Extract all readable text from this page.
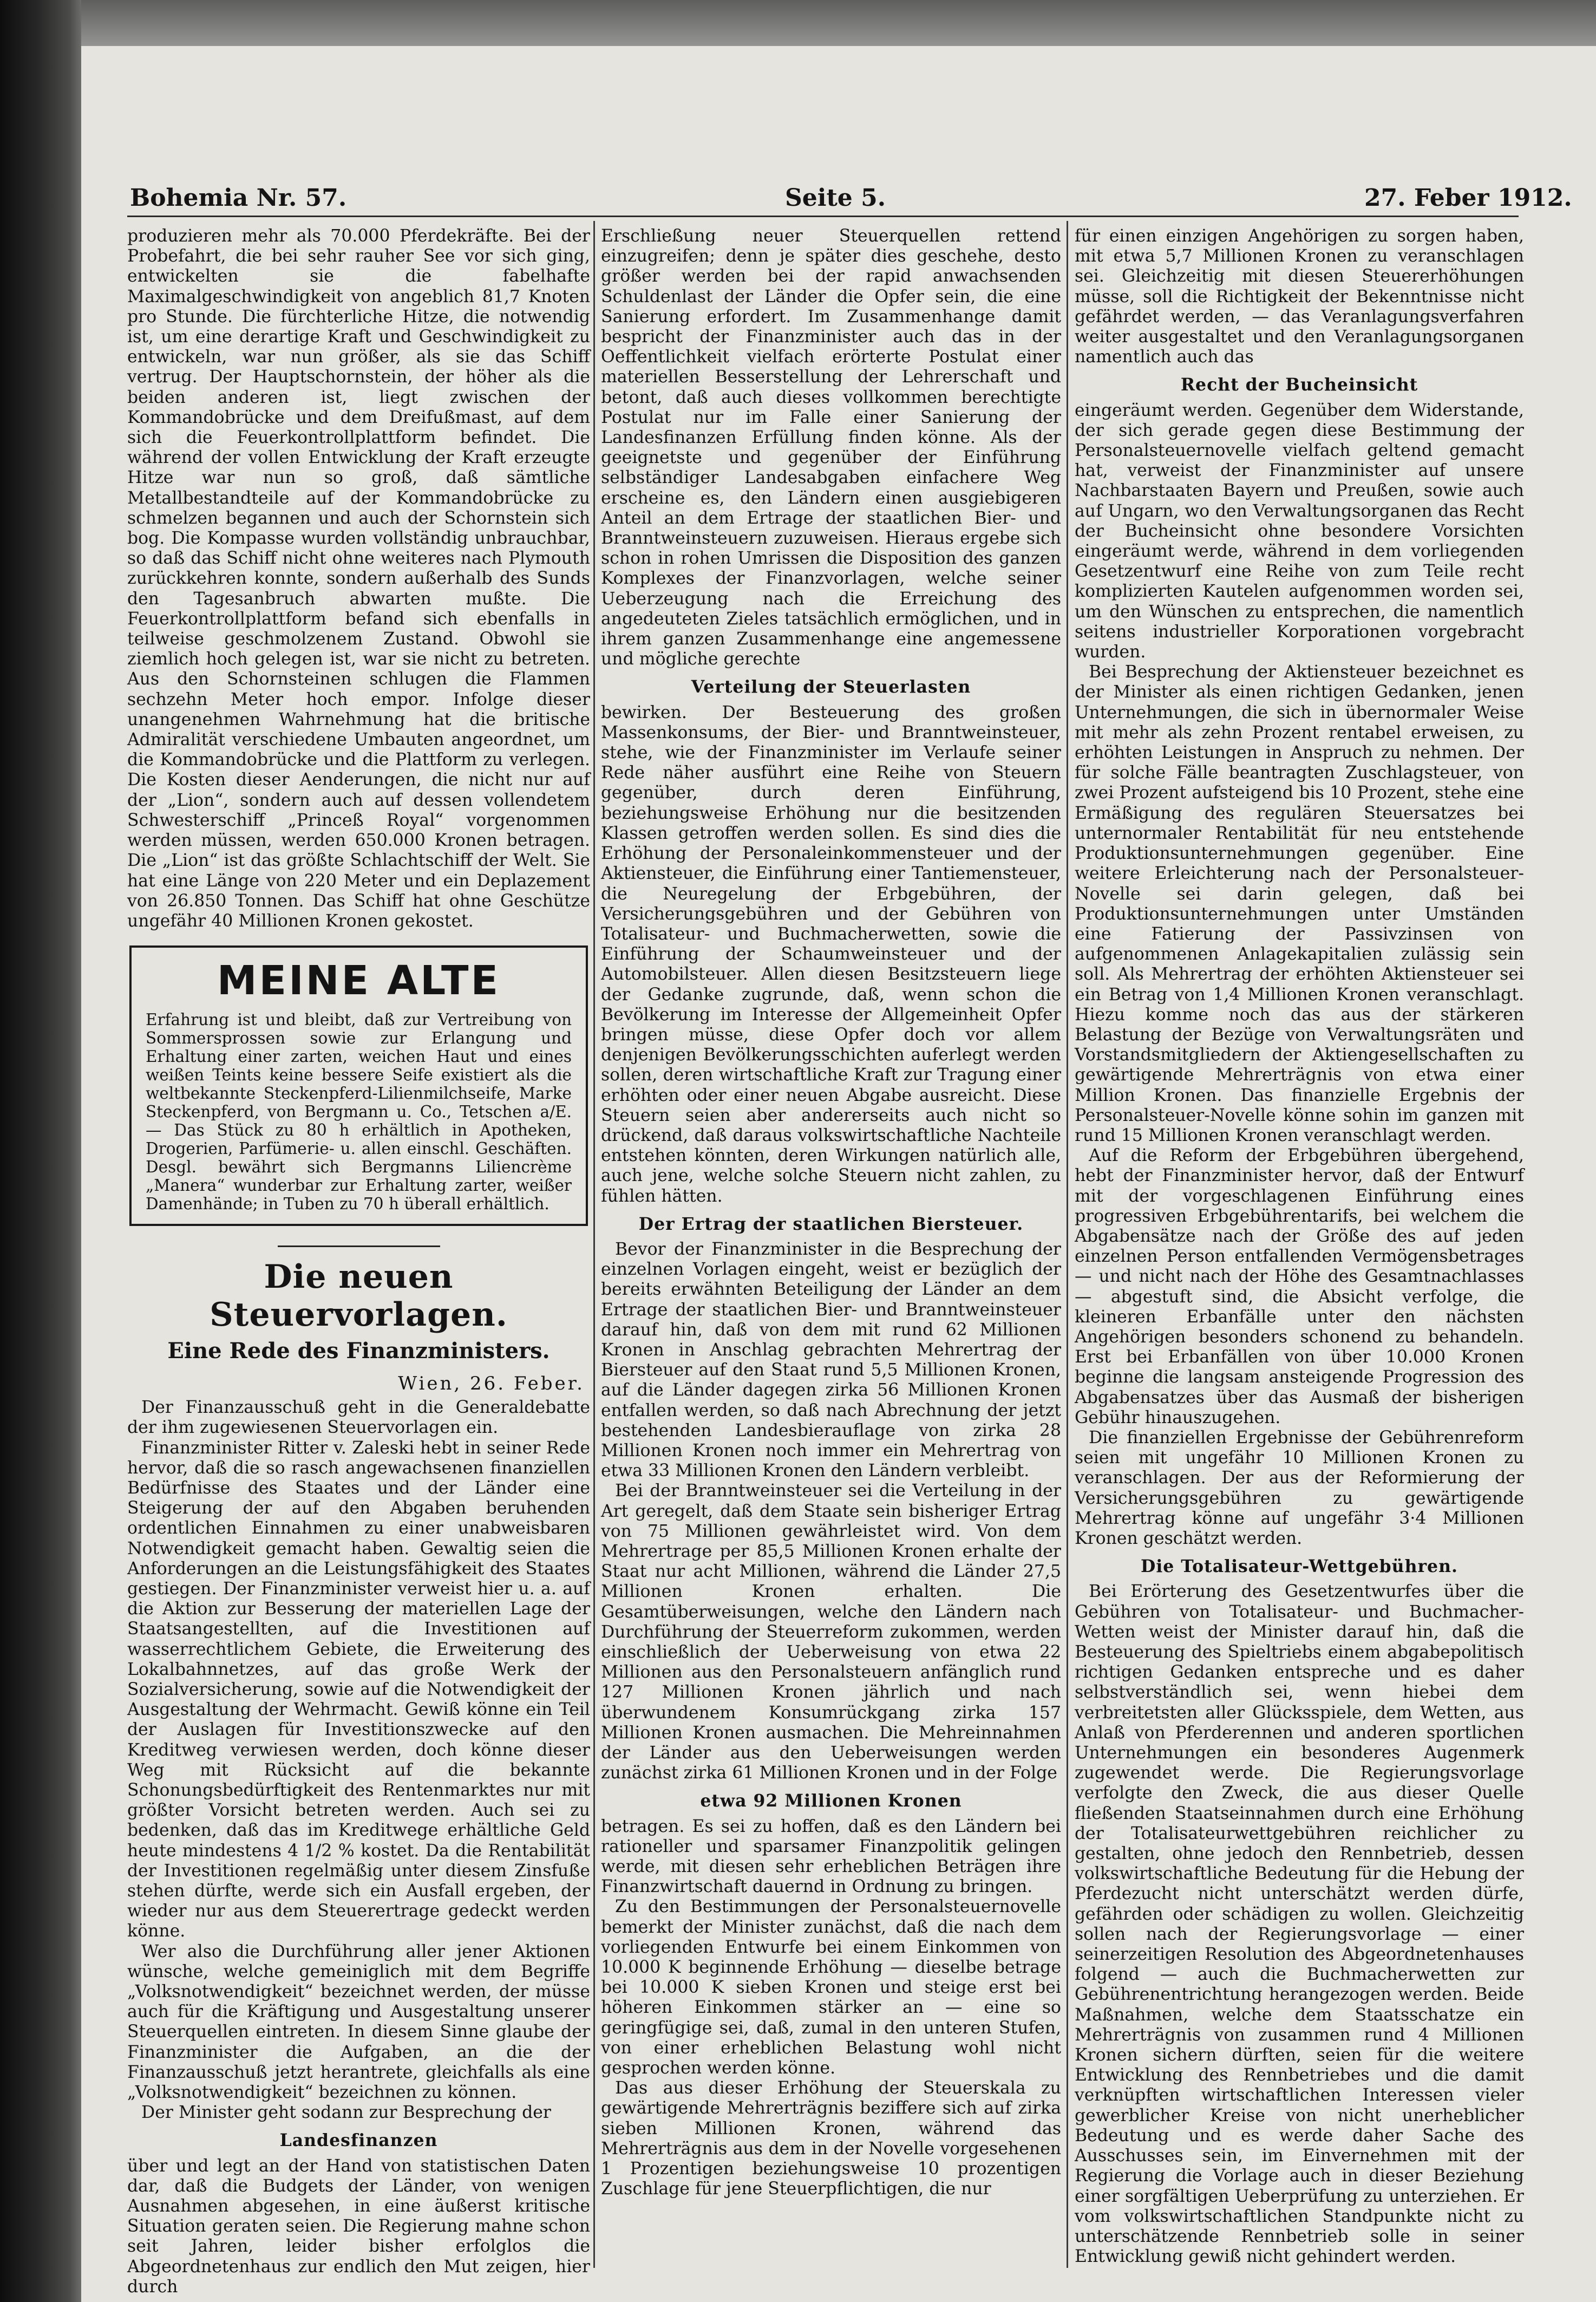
Bohemia Nr. 57.	Seite 5.	27. Feber 1912.

produzieren mehr als 70.000 Pferdekräfte. Bei der Probefahrt, die bei sehr rauher See vor sich ging, entwickelten sie die fabelhafte Maximalgeschwindigkeit von angeblich 81,7 Knoten pro Stunde. Die fürchterliche Hitze, die notwendig ist, um eine derartige Kraft und Geschwindigkeit zu entwickeln, war nun größer, als sie das Schiff vertrug. Der Hauptschornstein, der höher als die beiden anderen ist, liegt zwischen der Kommandobrücke und dem Dreifußmast, auf dem sich die Feuerkontrollplattform befindet. Die während der vollen Entwicklung der Kraft erzeugte Hitze war nun so groß, daß sämtliche Metallbestandteile auf der Kommandobrücke zu schmelzen begannen und auch der Schornstein sich bog. Die Kompasse wurden vollständig unbrauchbar, so daß das Schiff nicht ohne weiteres nach Plymouth zurückkehren konnte, sondern außerhalb des Sunds den Tagesanbruch abwarten mußte. Die Feuerkontrollplattform befand sich ebenfalls in teilweise geschmolzenem Zustand. Obwohl sie ziemlich hoch gelegen ist, war sie nicht zu betreten. Aus den Schornsteinen schlugen die Flammen sechzehn Meter hoch empor. Infolge dieser unangenehmen Wahrnehmung hat die britische Admiralität verschiedene Umbauten angeordnet, um die Kommandobrücke und die Plattform zu verlegen. Die Kosten dieser Aenderungen, die nicht nur auf der „Lion“, sondern auch auf dessen vollendetem Schwesterschiff „Princeß Royal“ vorgenommen werden müssen, werden 650.000 Kronen betragen. Die „Lion“ ist das größte Schlachtschiff der Welt. Sie hat eine Länge von 220 Meter und ein Deplazement von 26.850 Tonnen. Das Schiff hat ohne Geschütze ungefähr 40 Millionen Kronen gekostet.

MEINE ALTE
Erfahrung ist und bleibt, daß zur Vertreibung von Sommersprossen sowie zur Erlangung und Erhaltung einer zarten, weichen Haut und eines weißen Teints keine bessere Seife existiert als die weltbekannte Steckenpferd-Lilienmilchseife, Marke Steckenpferd, von Bergmann u. Co., Tetschen a/E. — Das Stück zu 80 h erhältlich in Apotheken, Drogerien, Parfümerie- u. allen einschl. Geschäften. Desgl. bewährt sich Bergmanns Liliencrème „Manera“ wunderbar zur Erhaltung zarter, weißer Damenhände; in Tuben zu 70 h überall erhältlich.
Die neuen Steuervorlagen.
Eine Rede des Finanzministers.
Wien, 26. Feber.

Der Finanzausschuß geht in die Generaldebatte der ihm zugewiesenen Steuervorlagen ein.

Finanzminister Ritter v. Zaleski hebt in seiner Rede hervor, daß die so rasch angewachsenen finanziellen Bedürfnisse des Staates und der Länder eine Steigerung der auf den Abgaben beruhenden ordentlichen Einnahmen zu einer unabweisbaren Notwendigkeit gemacht haben. Gewaltig seien die Anforderungen an die Leistungsfähigkeit des Staates gestiegen. Der Finanzminister verweist hier u. a. auf die Aktion zur Besserung der materiellen Lage der Staatsangestellten, auf die Investitionen auf wasserrechtlichem Gebiete, die Erweiterung des Lokalbahnnetzes, auf das große Werk der Sozialversicherung, sowie auf die Notwendigkeit der Ausgestaltung der Wehrmacht. Gewiß könne ein Teil der Auslagen für Investitionszwecke auf den Kreditweg verwiesen werden, doch könne dieser Weg mit Rücksicht auf die bekannte Schonungsbedürftigkeit des Rentenmarktes nur mit größter Vorsicht betreten werden. Auch sei zu bedenken, daß das im Kreditwege erhältliche Geld heute mindestens 4 1/2 % kostet. Da die Rentabilität der Investitionen regelmäßig unter diesem Zinsfuße stehen dürfte, werde sich ein Ausfall ergeben, der wieder nur aus dem Steuerertrage gedeckt werden könne.

Wer also die Durchführung aller jener Aktionen wünsche, welche gemeiniglich mit dem Begriffe „Volksnotwendigkeit“ bezeichnet werden, der müsse auch für die Kräftigung und Ausgestaltung unserer Steuerquellen eintreten. In diesem Sinne glaube der Finanzminister die Aufgaben, an die der Finanzausschuß jetzt herantrete, gleichfalls als eine „Volksnotwendigkeit“ bezeichnen zu können.

Der Minister geht sodann zur Besprechung der

Landesfinanzen

über und legt an der Hand von statistischen Daten dar, daß die Budgets der Länder, von wenigen Ausnahmen abgesehen, in eine äußerst kritische Situation geraten seien. Die Regierung mahne schon seit Jahren, leider bisher erfolglos die Abgeordnetenhaus zur endlich den Mut zeigen, hier durch

Erschließung neuer Steuerquellen rettend einzugreifen; denn je später dies geschehe, desto größer werden bei der rapid anwachsenden Schuldenlast der Länder die Opfer sein, die eine Sanierung erfordert. Im Zusammenhange damit bespricht der Finanzminister auch das in der Oeffentlichkeit vielfach erörterte Postulat einer materiellen Besserstellung der Lehrerschaft und betont, daß auch dieses vollkommen berechtigte Postulat nur im Falle einer Sanierung der Landesfinanzen Erfüllung finden könne. Als der geeignetste und gegenüber der Einführung selbständiger Landesabgaben einfachere Weg erscheine es, den Ländern einen ausgiebigeren Anteil an dem Ertrage der staatlichen Bier- und Branntweinsteuern zuzuweisen. Hieraus ergebe sich schon in rohen Umrissen die Disposition des ganzen Komplexes der Finanzvorlagen, welche seiner Ueberzeugung nach die Erreichung des angedeuteten Zieles tatsächlich ermöglichen, und in ihrem ganzen Zusammenhange eine angemessene und mögliche gerechte

Verteilung der Steuerlasten

bewirken. Der Besteuerung des großen Massenkonsums, der Bier- und Branntweinsteuer, stehe, wie der Finanzminister im Verlaufe seiner Rede näher ausführt eine Reihe von Steuern gegenüber, durch deren Einführung, beziehungsweise Erhöhung nur die besitzenden Klassen getroffen werden sollen. Es sind dies die Erhöhung der Personaleinkommensteuer und der Aktiensteuer, die Einführung einer Tantiemensteuer, die Neuregelung der Erbgebühren, der Versicherungsgebühren und der Gebühren von Totalisateur- und Buchmacherwetten, sowie die Einführung der Schaumweinsteuer und der Automobilsteuer. Allen diesen Besitzsteuern liege der Gedanke zugrunde, daß, wenn schon die Bevölkerung im Interesse der Allgemeinheit Opfer bringen müsse, diese Opfer doch vor allem denjenigen Bevölkerungsschichten auferlegt werden sollen, deren wirtschaftliche Kraft zur Tragung einer erhöhten oder einer neuen Abgabe ausreicht. Diese Steuern seien aber andererseits auch nicht so drückend, daß daraus volkswirtschaftliche Nachteile entstehen könnten, deren Wirkungen natürlich alle, auch jene, welche solche Steuern nicht zahlen, zu fühlen hätten.

Der Ertrag der staatlichen Biersteuer.

Bevor der Finanzminister in die Besprechung der einzelnen Vorlagen eingeht, weist er bezüglich der bereits erwähnten Beteiligung der Länder an dem Ertrage der staatlichen Bier- und Branntweinsteuer darauf hin, daß von dem mit rund 62 Millionen Kronen in Anschlag gebrachten Mehrertrag der Biersteuer auf den Staat rund 5,5 Millionen Kronen, auf die Länder dagegen zirka 56 Millionen Kronen entfallen werden, so daß nach Abrechnung der jetzt bestehenden Landesbierauflage von zirka 28 Millionen Kronen noch immer ein Mehrertrag von etwa 33 Millionen Kronen den Ländern verbleibt.

Bei der Branntweinsteuer sei die Verteilung in der Art geregelt, daß dem Staate sein bisheriger Ertrag von 75 Millionen gewährleistet wird. Von dem Mehrertrage per 85,5 Millionen Kronen erhalte der Staat nur acht Millionen, während die Länder 27,5 Millionen Kronen erhalten. Die Gesamtüberweisungen, welche den Ländern nach Durchführung der Steuerreform zukommen, werden einschließlich der Ueberweisung von etwa 22 Millionen aus den Personalsteuern anfänglich rund 127 Millionen Kronen jährlich und nach überwundenem Konsumrückgang zirka 157 Millionen Kronen ausmachen. Die Mehreinnahmen der Länder aus den Ueberweisungen werden zunächst zirka 61 Millionen Kronen und in der Folge

etwa 92 Millionen Kronen

betragen. Es sei zu hoffen, daß es den Ländern bei rationeller und sparsamer Finanzpolitik gelingen werde, mit diesen sehr erheblichen Beträgen ihre Finanzwirtschaft dauernd in Ordnung zu bringen.

Zu den Bestimmungen der Personalsteuernovelle bemerkt der Minister zunächst, daß die nach dem vorliegenden Entwurfe bei einem Einkommen von 10.000 K beginnende Erhöhung — dieselbe betrage bei 10.000 K sieben Kronen und steige erst bei höheren Einkommen stärker an — eine so geringfügige sei, daß, zumal in den unteren Stufen, von einer erheblichen Belastung wohl nicht gesprochen werden könne.

Das aus dieser Erhöhung der Steuerskala zu gewärtigende Mehrerträgnis beziffere sich auf zirka sieben Millionen Kronen, während das Mehrerträgnis aus dem in der Novelle vorgesehenen 1 Prozentigen beziehungsweise 10 prozentigen Zuschlage für jene Steuerpflichtigen, die nur

für einen einzigen Angehörigen zu sorgen haben, mit etwa 5,7 Millionen Kronen zu veranschlagen sei. Gleichzeitig mit diesen Steuererhöhungen müsse, soll die Richtigkeit der Bekenntnisse nicht gefährdet werden, — das Veranlagungsverfahren weiter ausgestaltet und den Veranlagungsorganen namentlich auch das

Recht der Bucheinsicht

eingeräumt werden. Gegenüber dem Widerstande, der sich gerade gegen diese Bestimmung der Personalsteuernovelle vielfach geltend gemacht hat, verweist der Finanzminister auf unsere Nachbarstaaten Bayern und Preußen, sowie auch auf Ungarn, wo den Verwaltungsorganen das Recht der Bucheinsicht ohne besondere Vorsichten eingeräumt werde, während in dem vorliegenden Gesetzentwurf eine Reihe von zum Teile recht komplizierten Kautelen aufgenommen worden sei, um den Wünschen zu entsprechen, die namentlich seitens industrieller Korporationen vorgebracht wurden.

Bei Besprechung der Aktiensteuer bezeichnet es der Minister als einen richtigen Gedanken, jenen Unternehmungen, die sich in übernormaler Weise mit mehr als zehn Prozent rentabel erweisen, zu erhöhten Leistungen in Anspruch zu nehmen. Der für solche Fälle beantragten Zuschlagsteuer, von zwei Prozent aufsteigend bis 10 Prozent, stehe eine Ermäßigung des regulären Steuersatzes bei unternormaler Rentabilität für neu entstehende Produktionsunternehmungen gegenüber. Eine weitere Erleichterung nach der Personalsteuer-Novelle sei darin gelegen, daß bei Produktionsunternehmungen unter Umständen eine Fatierung der Passivzinsen von aufgenommenen Anlagekapitalien zulässig sein soll. Als Mehrertrag der erhöhten Aktiensteuer sei ein Betrag von 1,4 Millionen Kronen veranschlagt. Hiezu komme noch das aus der stärkeren Belastung der Bezüge von Verwaltungsräten und Vorstandsmitgliedern der Aktiengesellschaften zu gewärtigende Mehrerträgnis von etwa einer Million Kronen. Das finanzielle Ergebnis der Personalsteuer-Novelle könne sohin im ganzen mit rund 15 Millionen Kronen veranschlagt werden.

Auf die Reform der Erbgebühren übergehend, hebt der Finanzminister hervor, daß der Entwurf mit der vorgeschlagenen Einführung eines progressiven Erbgebührentarifs, bei welchem die Abgabensätze nach der Größe des auf jeden einzelnen Person entfallenden Vermögensbetrages — und nicht nach der Höhe des Gesamtnachlasses — abgestuft sind, die Absicht verfolge, die kleineren Erbanfälle unter den nächsten Angehörigen besonders schonend zu behandeln. Erst bei Erbanfällen von über 10.000 Kronen beginne die langsam ansteigende Progression des Abgabensatzes über das Ausmaß der bisherigen Gebühr hinauszugehen.

Die finanziellen Ergebnisse der Gebührenreform seien mit ungefähr 10 Millionen Kronen zu veranschlagen. Der aus der Reformierung der Versicherungsgebühren zu gewärtigende Mehrertrag könne auf ungefähr 3·4 Millionen Kronen geschätzt werden.

Die Totalisateur-Wettgebühren.

Bei Erörterung des Gesetzentwurfes über die Gebühren von Totalisateur- und Buchmacher-Wetten weist der Minister darauf hin, daß die Besteuerung des Spieltriebs einem abgabepolitisch richtigen Gedanken entspreche und es daher selbstverständlich sei, wenn hiebei dem verbreitetsten aller Glücksspiele, dem Wetten, aus Anlaß von Pferderennen und anderen sportlichen Unternehmungen ein besonderes Augenmerk zugewendet werde. Die Regierungsvorlage verfolgte den Zweck, die aus dieser Quelle fließenden Staatseinnahmen durch eine Erhöhung der Totalisateurwettgebühren reichlicher zu gestalten, ohne jedoch den Rennbetrieb, dessen volkswirtschaftliche Bedeutung für die Hebung der Pferdezucht nicht unterschätzt werden dürfe, gefährden oder schädigen zu wollen. Gleichzeitig sollen nach der Regierungsvorlage — einer seinerzeitigen Resolution des Abgeordnetenhauses folgend — auch die Buchmacherwetten zur Gebührenentrichtung herangezogen werden. Beide Maßnahmen, welche dem Staatsschatze ein Mehrerträgnis von zusammen rund 4 Millionen Kronen sichern dürften, seien für die weitere Entwicklung des Rennbetriebes und die damit verknüpften wirtschaftlichen Interessen vieler gewerblicher Kreise von nicht unerheblicher Bedeutung und es werde daher Sache des Ausschusses sein, im Einvernehmen mit der Regierung die Vorlage auch in dieser Beziehung einer sorgfältigen Ueberprüfung zu unterziehen. Er vom volkswirtschaftlichen Standpunkte nicht zu unterschätzende Rennbetrieb solle in seiner Entwicklung gewiß nicht gehindert werden.
